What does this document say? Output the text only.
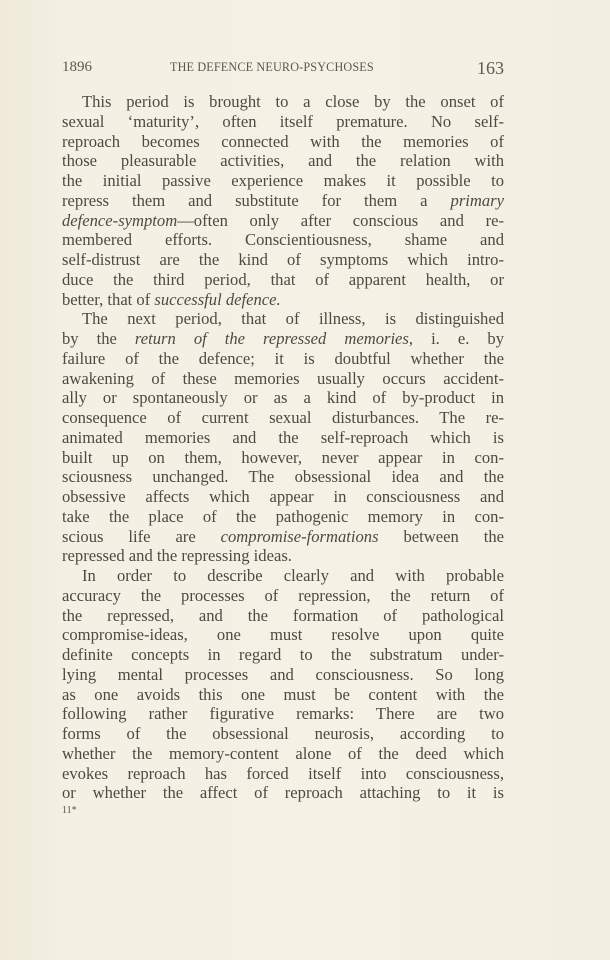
1896	THE DEFENCE NEURO-PSYCHOSES	163
This period is brought to a close by the onset of
sexual ‘maturity’, often itself premature. No self-
reproach becomes connected with the memories of
those pleasurable activities, and the relation with
the initial passive experience makes it possible to
repress them and substitute for them a primary
defence-symptom—often only after conscious and re-
membered efforts. Conscientiousness, shame and
self-distrust are the kind of symptoms which intro-
duce the third period, that of apparent health, or
better, that of successful defence.
The next period, that of illness, is distinguished
by the return of the repressed memories, i. e. by
failure of the defence; it is doubtful whether the
awakening of these memories usually occurs accident-
ally or spontaneously or as a kind of by-product in
consequence of current sexual disturbances. The re-
animated memories and the self-reproach which is
built up on them, however, never appear in con-
sciousness unchanged. The obsessional idea and the
obsessive affects which appear in consciousness and
take the place of the pathogenic memory in con-
scious life are compromise-formations between the
repressed and the repressing ideas.
In order to describe clearly and with probable
accuracy the processes of repression, the return of
the repressed, and the formation of pathological
compromise-ideas, one must resolve upon quite
definite concepts in regard to the substratum under-
lying mental processes and consciousness. So long
as one avoids this one must be content with the
following rather figurative remarks: There are two
forms of the obsessional neurosis, according to
whether the memory-content alone of the deed which
evokes reproach has forced itself into consciousness,
or whether the affect of reproach attaching to it is
11*
